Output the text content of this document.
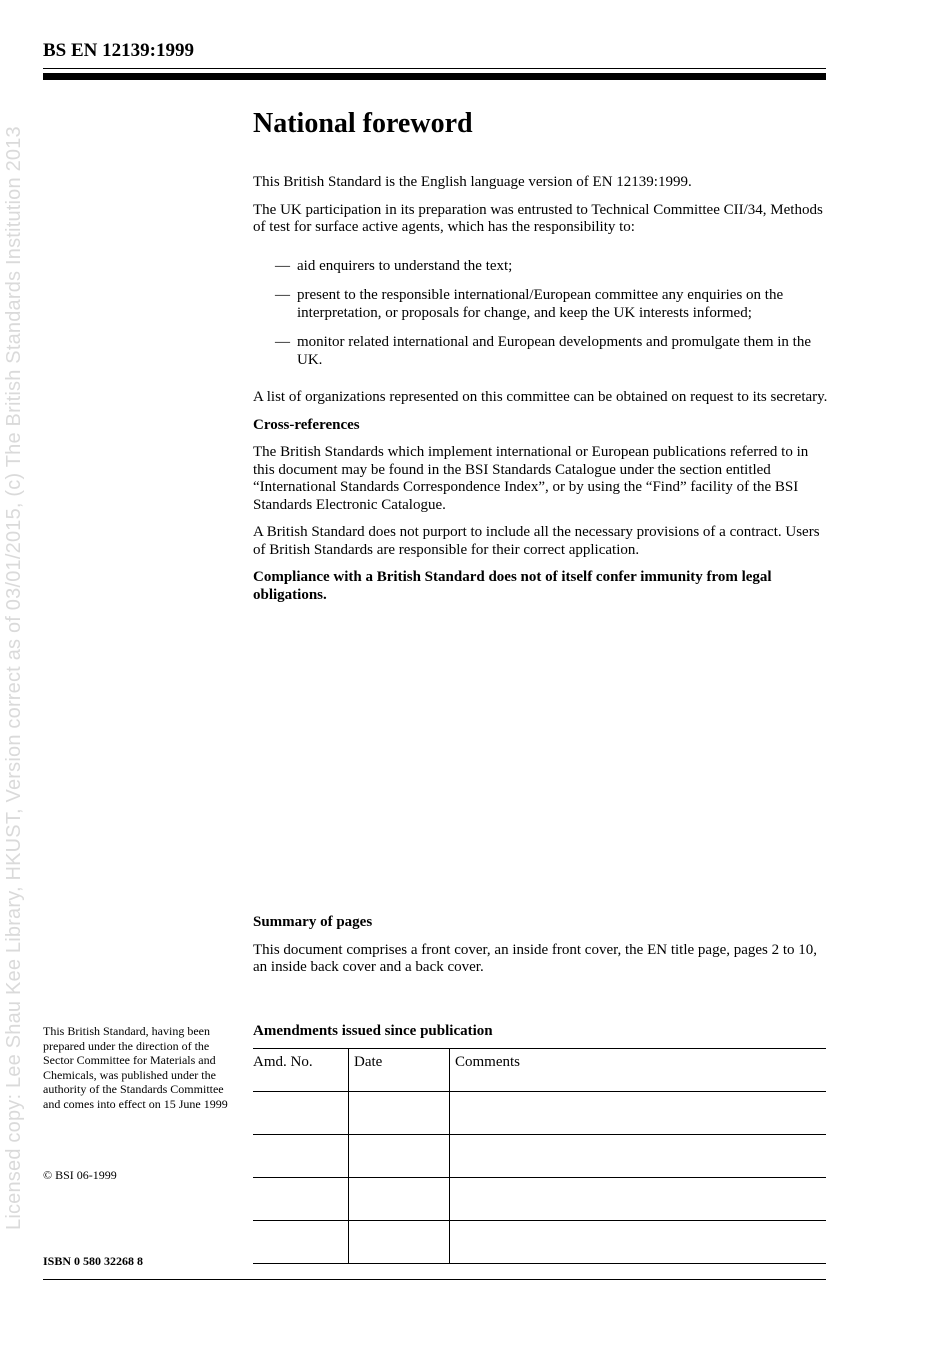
BS EN 12139:1999
Licensed copy: Lee Shau Kee Library, HKUST, Version correct as of 03/01/2015, (c) The British Standards Institution 2013
National foreword

This British Standard is the English language version of EN 12139:1999.

The UK participation in its preparation was entrusted to Technical Committee CII/34, Methods of test for surface active agents, which has the responsibility to:

— aid enquirers to understand the text;
— present to the responsible international/European committee any enquiries on the interpretation, or proposals for change, and keep the UK interests informed;
— monitor related international and European developments and promulgate them in the UK.

A list of organizations represented on this committee can be obtained on request to its secretary.

Cross-references

The British Standards which implement international or European publications referred to in this document may be found in the BSI Standards Catalogue under the section entitled “International Standards Correspondence Index”, or by using the “Find” facility of the BSI Standards Electronic Catalogue.

A British Standard does not purport to include all the necessary provisions of a contract. Users of British Standards are responsible for their correct application.

Compliance with a British Standard does not of itself confer immunity from legal obligations.

Summary of pages

This document comprises a front cover, an inside front cover, the EN title page, pages 2 to 10, an inside back cover and a back cover.

This British Standard, having been prepared under the direction of the Sector Committee for Materials and Chemicals, was published under the authority of the Standards Committee and comes into effect on 15 June 1999
© BSI 06-1999
ISBN 0 580 32268 8
Amendments issued since publication
Amd. No.	Date	Comments
